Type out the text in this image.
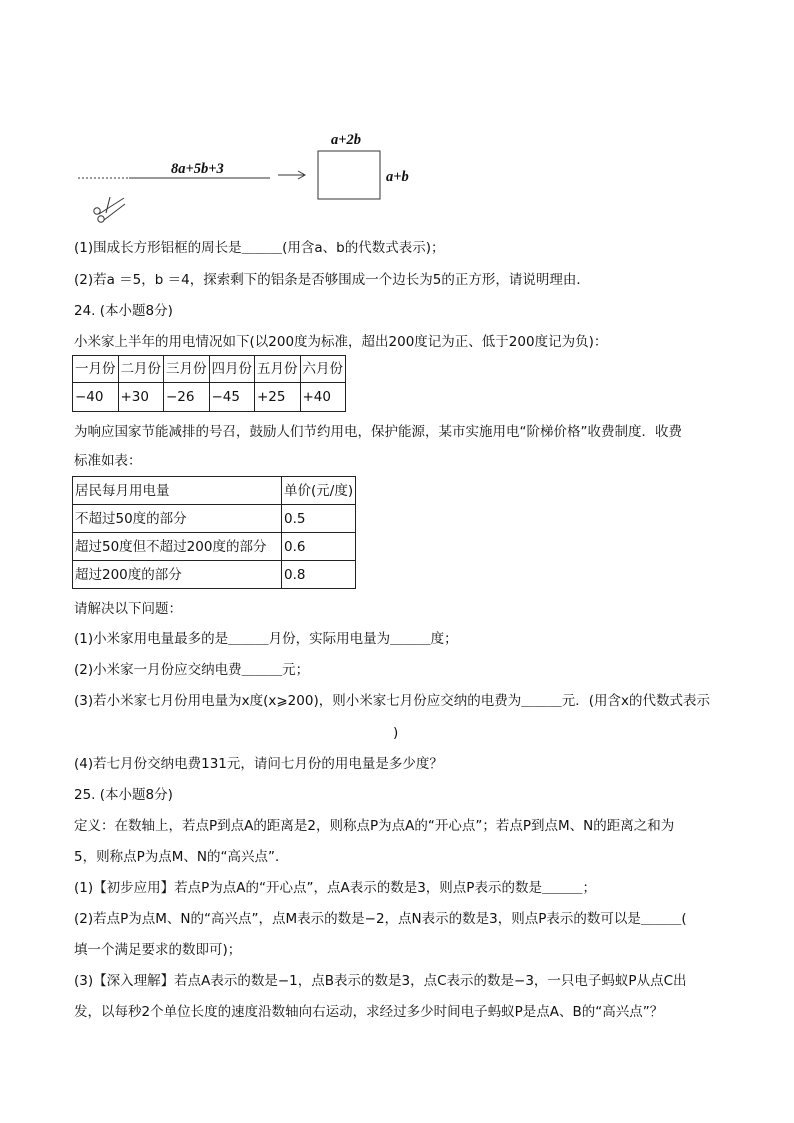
8a+5b+3
a+2b
a+b
(1)围成长方形铝框的周长是＿＿＿(用含a、b的代数式表示)；
(2)若a ＝5，b ＝4，探索剩下的铝条是否够围成一个边长为5的正方形，请说明理由．
24. (本小题8分)
小米家上半年的用电情况如下(以200度为标准，超出200度记为正、低于200度记为负)：
一月份	二月份	三月份	四月份	五月份	六月份
−40	+30	−26	−45	+25	+40
为响应国家节能减排的号召，鼓励人们节约用电，保护能源，某市实施用电“阶梯价格”收费制度．收费
标准如表：
居民每月用电量	单价(元/度)
不超过50度的部分	0.5
超过50度但不超过200度的部分	0.6
超过200度的部分	0.8
请解决以下问题：
(1)小米家用电量最多的是＿＿＿月份，实际用电量为＿＿＿度；
(2)小米家一月份应交纳电费＿＿＿元；
(3)若小米家七月份用电量为x度(x⩾200)，则小米家七月份应交纳的电费为＿＿＿元．(用含x的代数式表示
)
(4)若七月份交纳电费131元，请问七月份的用电量是多少度？
25. (本小题8分)
定义：在数轴上，若点P到点A的距离是2，则称点P为点A的“开心点”；若点P到点M、N的距离之和为
5，则称点P为点M、N的“高兴点”．
(1)【初步应用】若点P为点A的“开心点”，点A表示的数是3，则点P表示的数是＿＿＿；
(2)若点P为点M、N的“高兴点”，点M表示的数是−2，点N表示的数是3，则点P表示的数可以是＿＿＿(
填一个满足要求的数即可)；
(3)【深入理解】若点A表示的数是−1，点B表示的数是3，点C表示的数是−3，一只电子蚂蚁P从点C出
发，以每秒2个单位长度的速度沿数轴向右运动，求经过多少时间电子蚂蚁P是点A、B的“高兴点”？
